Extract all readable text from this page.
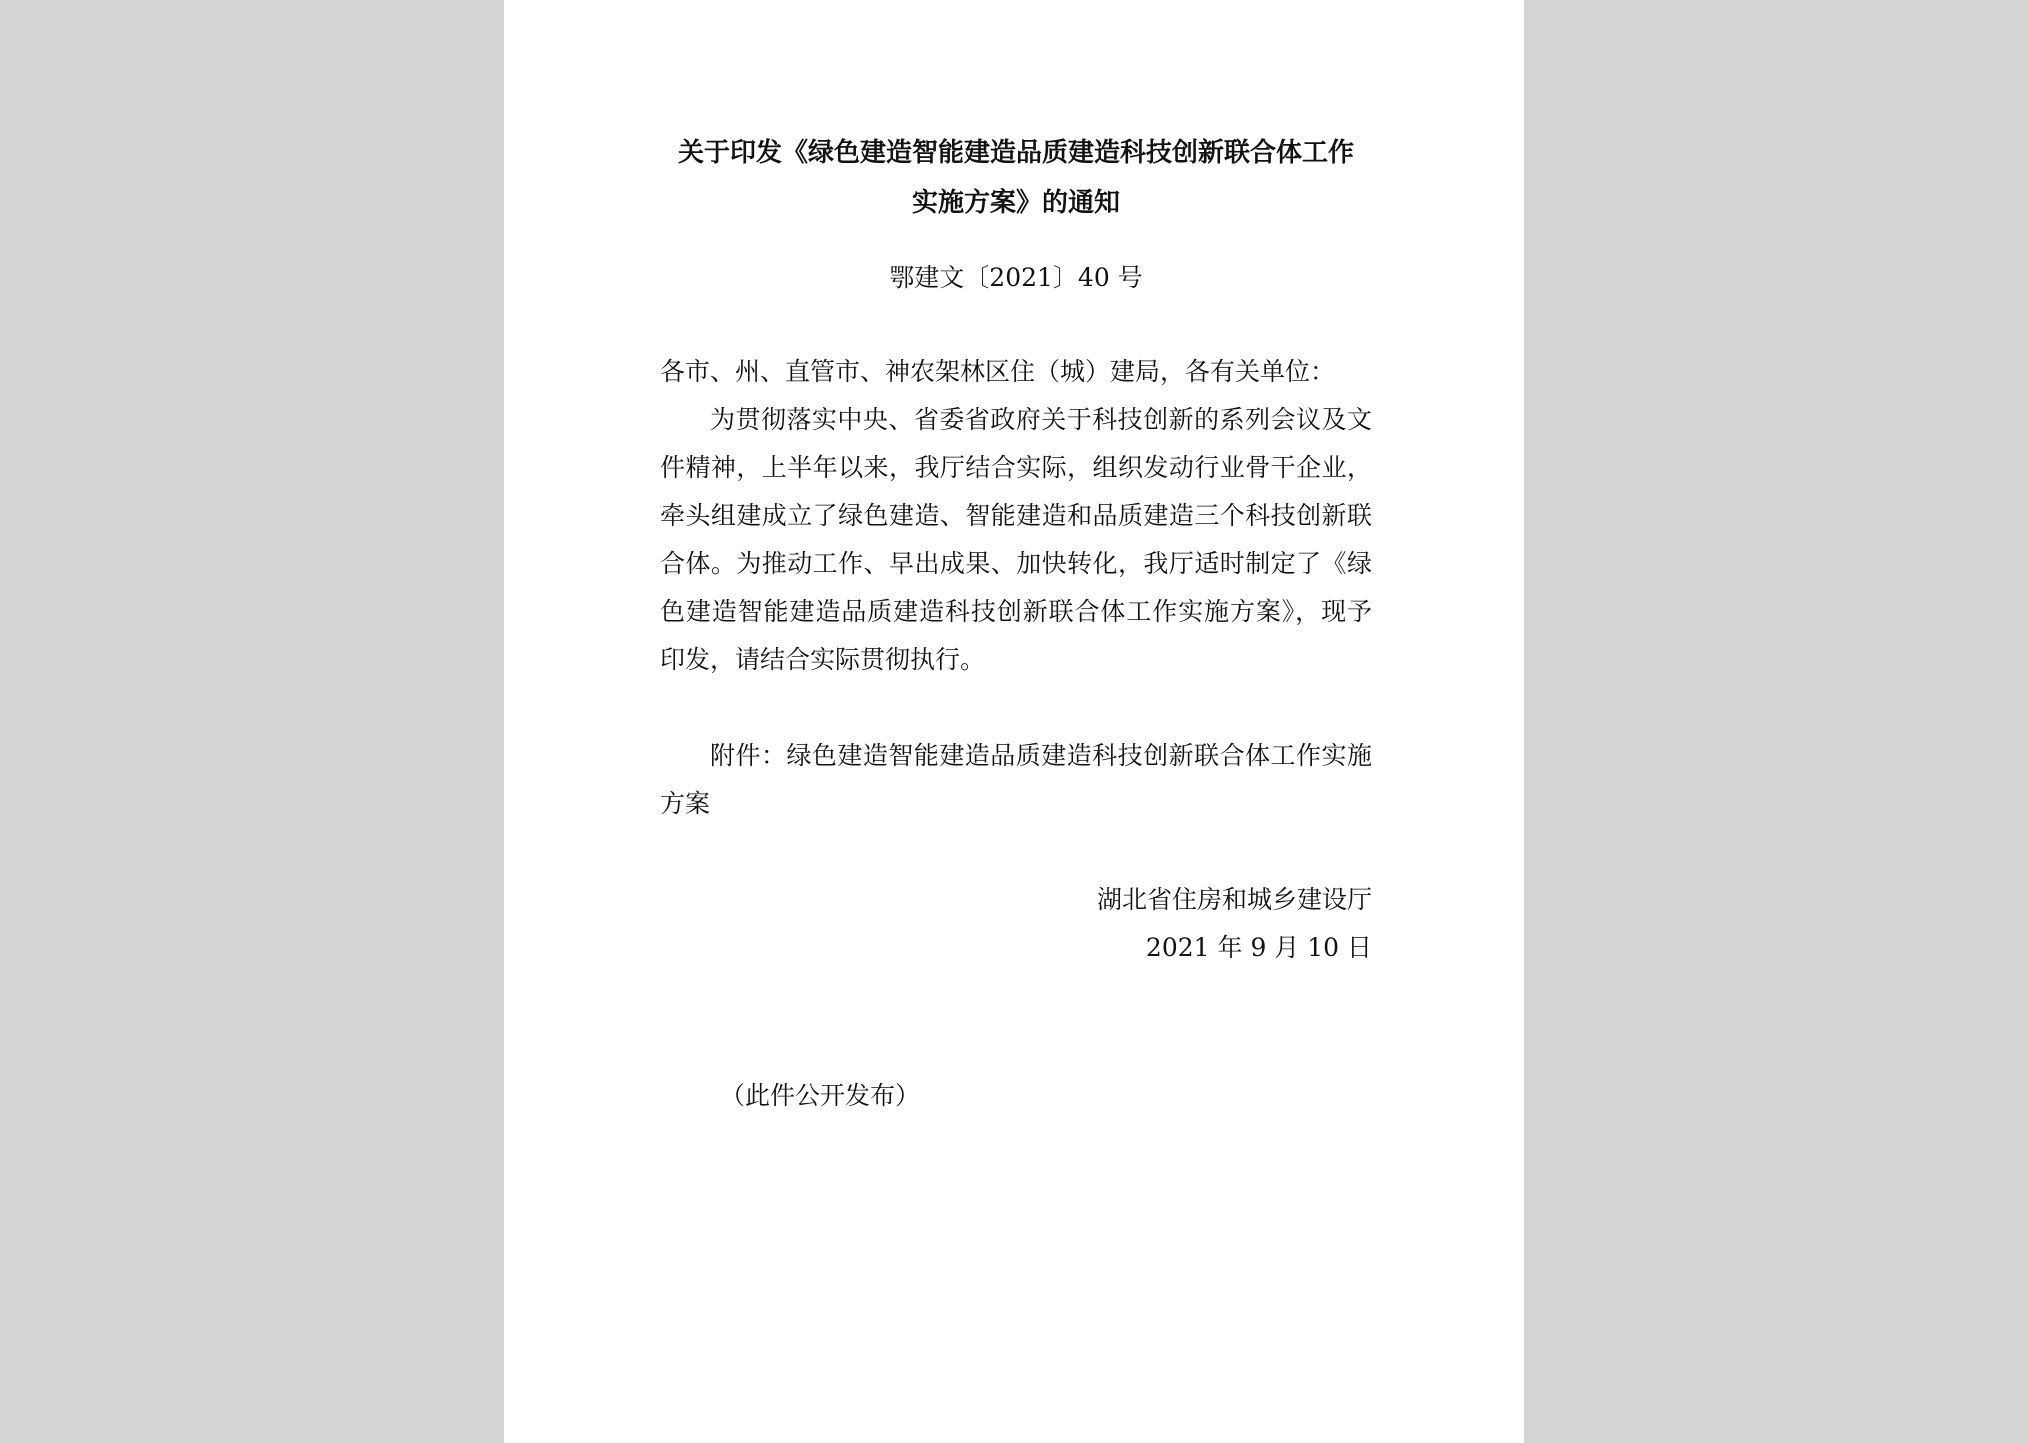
关于印发《绿色建造智能建造品质建造科技创新联合体工作
实施方案》的通知
鄂建文〔2021〕40 号
各市、州、直管市、神农架林区住（城）建局，各有关单位：

为贯彻落实中央、省委省政府关于科技创新的系列会议及文件精神，上半年以来，我厅结合实际，组织发动行业骨干企业，牵头组建成立了绿色建造、智能建造和品质建造三个科技创新联合体。为推动工作、早出成果、加快转化，我厅适时制定了《绿色建造智能建造品质建造科技创新联合体工作实施方案》，现予印发，请结合实际贯彻执行。

附件：绿色建造智能建造品质建造科技创新联合体工作实施方案
湖北省住房和城乡建设厅
2021 年 9 月 10 日
（此件公开发布）
